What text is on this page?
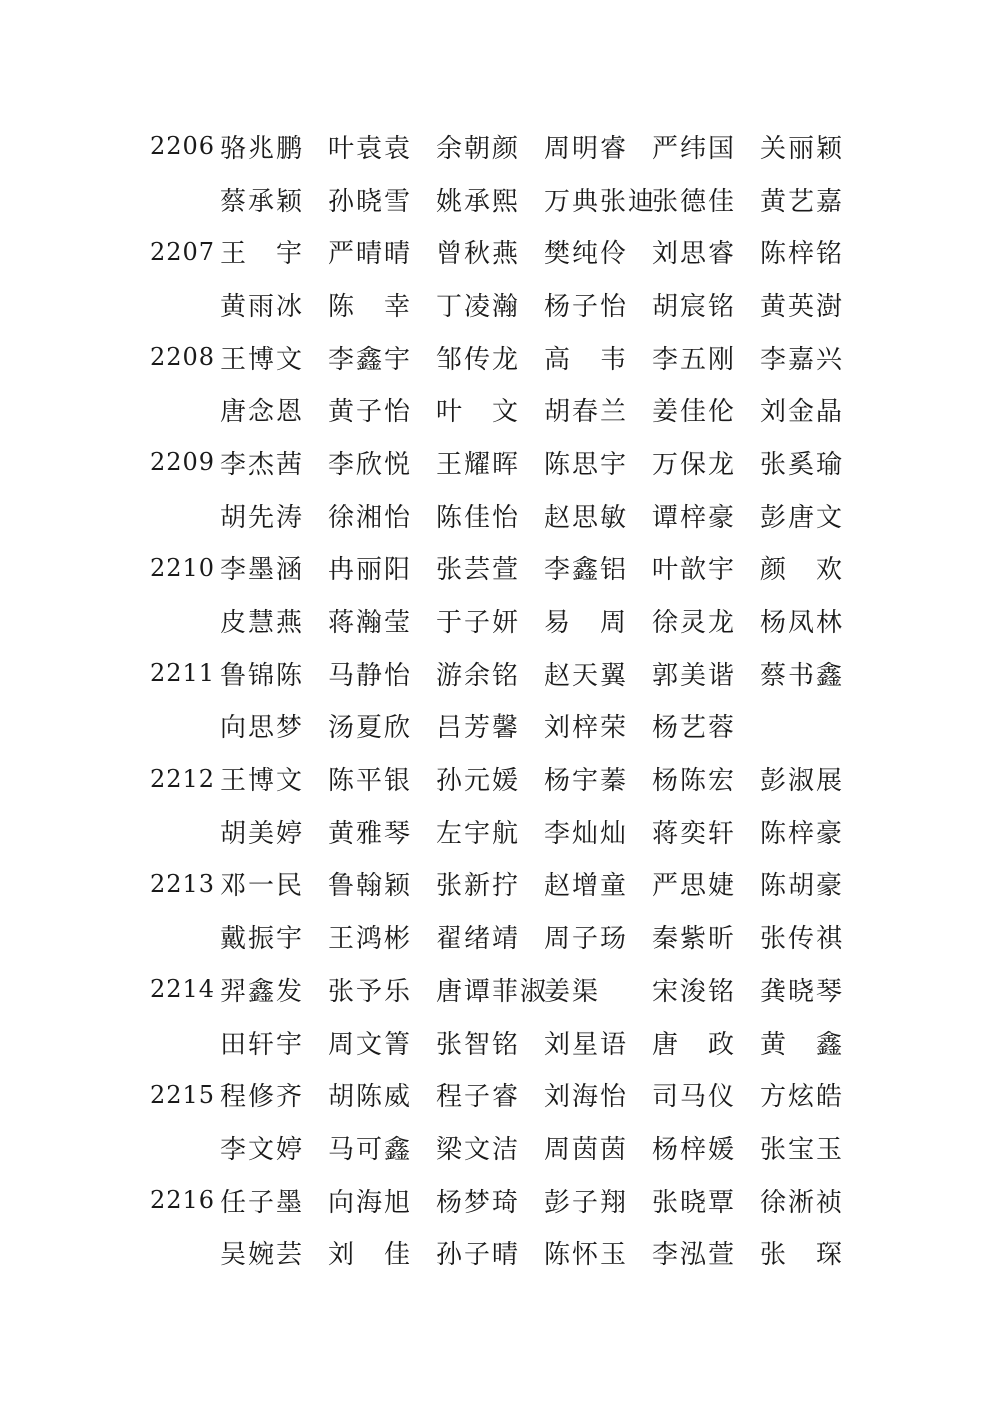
2206 骆兆鹏 叶袁袁 余朝颜 周明睿 严纬国 关丽颖
蔡承颖 孙晓雪 姚承熙 万典张迪
张德佳 黄艺嘉
2207 王　宇 严晴晴 曾秋燕 樊纯伶 刘思睿 陈梓铭
黄雨冰 陈　幸 丁凌瀚 杨子怡 胡宸铭 黄英澍
2208 王博文 李鑫宇 邹传龙 高　韦 李五刚 李嘉兴
唐念恩 黄子怡 叶　文 胡春兰 姜佳伦 刘金晶
2209 李杰茜 李欣悦 王耀晖 陈思宇 万保龙 张奚瑜
胡先涛 徐湘怡 陈佳怡 赵思敏 谭梓豪 彭唐文
2210 李墨涵 冉丽阳 张芸萱 李鑫铝 叶歆宇 颜　欢
皮慧燕 蒋瀚莹 于子妍 易　周 徐灵龙 杨凤林
2211 鲁锦陈 马静怡 游余铭 赵天翼 郭美谐 蔡书鑫
向思梦 汤夏欣 吕芳馨 刘梓荣 杨艺蓉
2212 王博文 陈平银 孙元媛 杨宇蓁 杨陈宏 彭淑展
胡美婷 黄雅琴 左宇航 李灿灿 蒋奕轩 陈梓豪
2213 邓一民 鲁翰颖 张新拧 赵增童 严思婕 陈胡豪
戴振宇 王鸿彬 翟绪靖 周子玚 秦紫昕 张传祺
2214 羿鑫发 张予乐 唐谭菲淑
姜渠	宋浚铭 龚晓琴
田轩宇 周文箐 张智铭 刘星语 唐　政 黄　鑫
2215 程修齐 胡陈威 程子睿 刘海怡 司马仪 方炫皓
李文婷 马可鑫 梁文洁 周茵茵 杨梓媛 张宝玉
2216 任子墨 向海旭 杨梦琦 彭子翔 张晓覃 徐淅祯
吴婉芸 刘　佳 孙子晴 陈怀玉 李泓萱 张　琛
